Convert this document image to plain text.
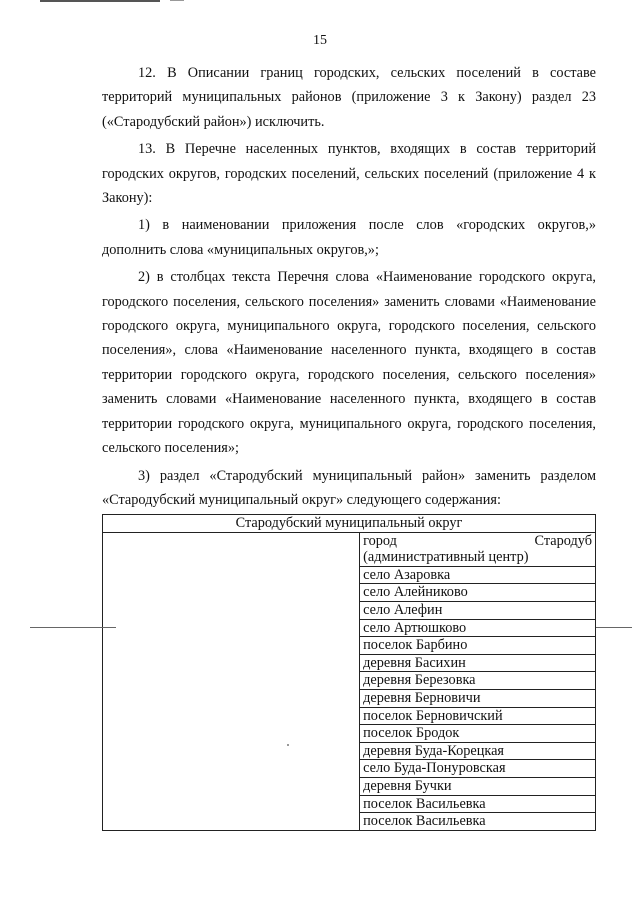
15

12. В Описании границ городских, сельских поселений в составе территорий муниципальных районов (приложение 3 к Закону) раздел 23 («Стародубский район») исключить.

13. В Перечне населенных пунктов, входящих в состав территорий городских округов, городских поселений, сельских поселений (приложение 4 к Закону):

1) в наименовании приложения после слов «городских округов,» дополнить слова «муниципальных округов,»;

2) в столбцах текста Перечня слова «Наименование городского округа, городского поселения, сельского поселения» заменить словами «Наименование городского округа, муниципального округа, городского поселения, сельского поселения», слова «Наименование населенного пункта, входящего в состав территории городского округа, городского поселения, сельского поселения» заменить словами «Наименование населенного пункта, входящего в состав территории городского округа, муниципального округа, городского поселения, сельского поселения»;

3) раздел «Стародубский муниципальный район» заменить разделом «Стародубский муниципальный округ» следующего содержания:

Стародубский муниципальный округ

город	Стародуб
(административный центр)

село Азаровка
село Алейниково
село Алефин
село Артюшково
поселок Барбино
деревня Басихин
деревня Березовка
деревня Берновичи
поселок Берновичский
поселок Бродок
деревня Буда-Корецкая
село Буда-Понуровская
деревня Бучки
поселок Васильевка
поселок Васильевка
